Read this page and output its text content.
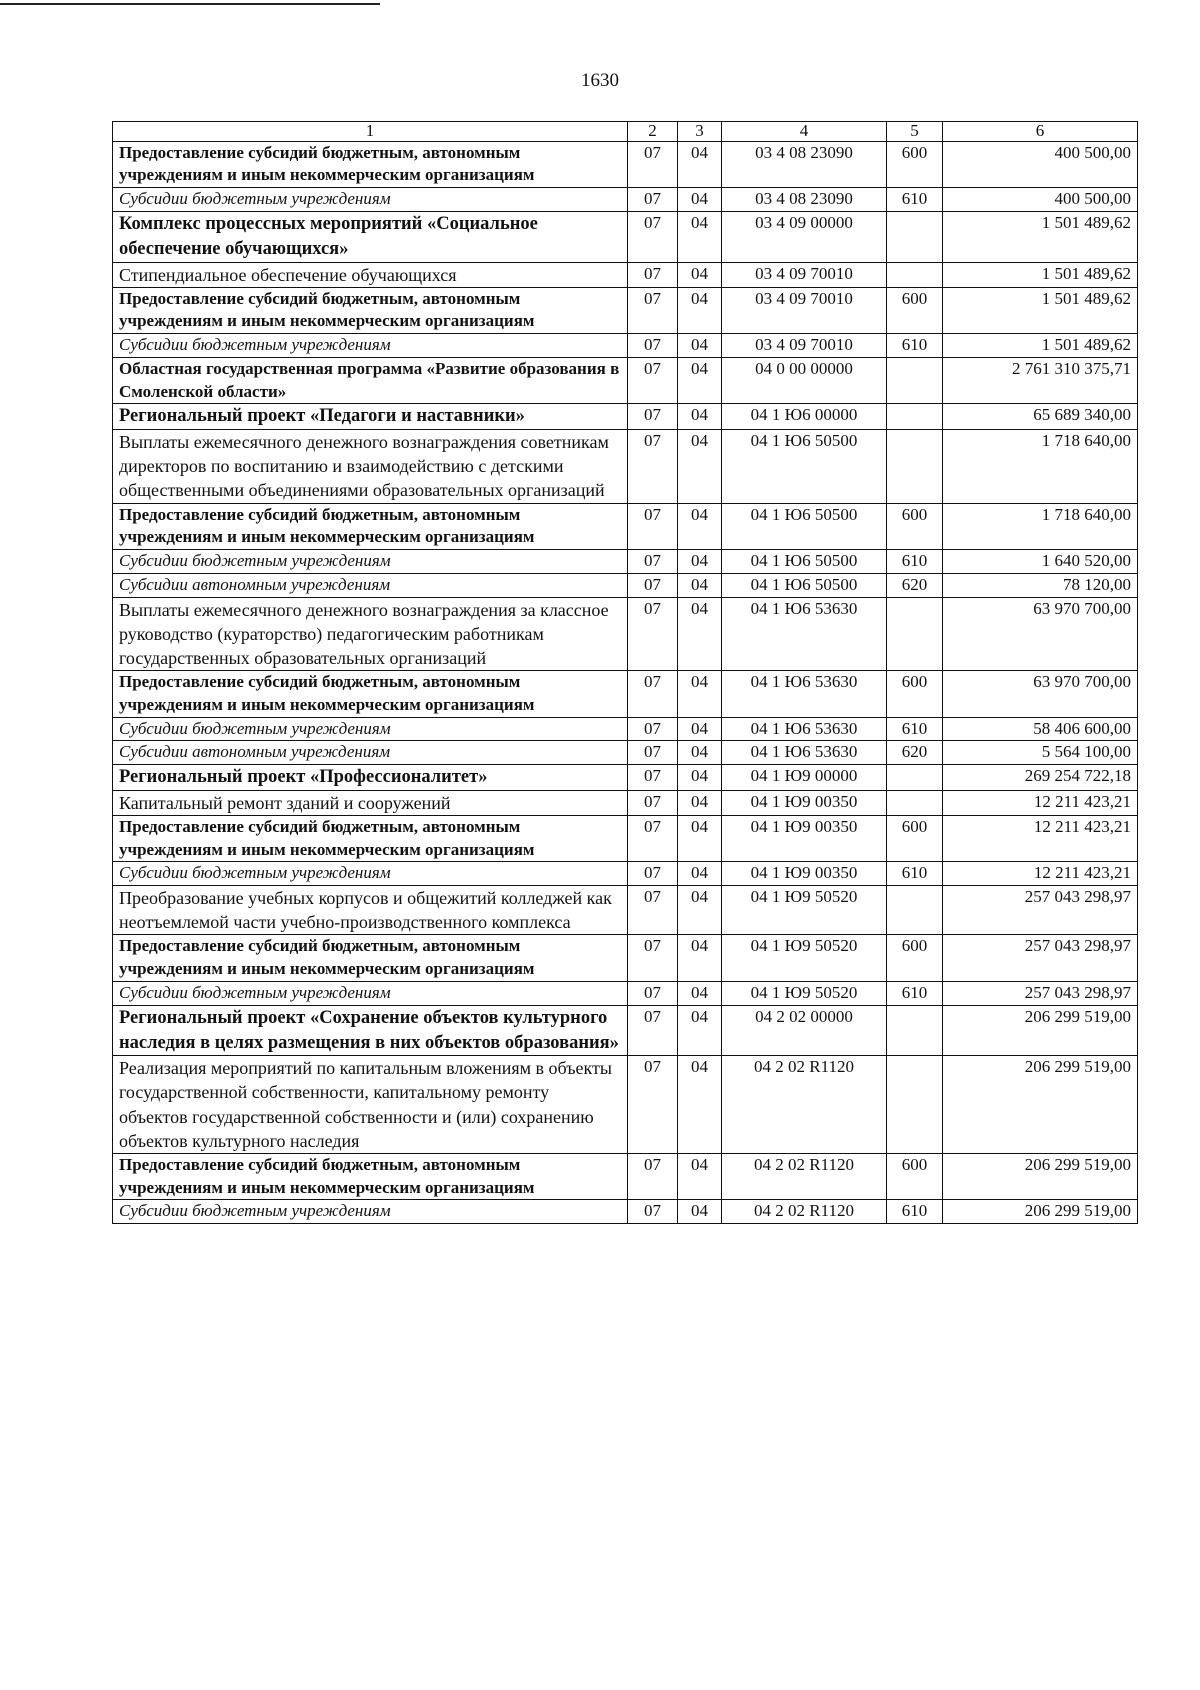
1630
1	2	3	4	5	6
Предоставление субсидий бюджетным, автономным учреждениям и иным некоммерческим организациям	07	04	03 4 08 23090	600	400 500,00
Субсидии бюджетным учреждениям	07	04	03 4 08 23090	610	400 500,00
Комплекс процессных мероприятий «Социальное обеспечение обучающихся»	07	04	03 4 09 00000		1 501 489,62
Стипендиальное обеспечение обучающихся	07	04	03 4 09 70010		1 501 489,62
Предоставление субсидий бюджетным, автономным учреждениям и иным некоммерческим организациям	07	04	03 4 09 70010	600	1 501 489,62
Субсидии бюджетным учреждениям	07	04	03 4 09 70010	610	1 501 489,62
Областная государственная программа «Развитие образования в Смоленской области»	07	04	04 0 00 00000		2 761 310 375,71
Региональный проект «Педагоги и наставники»	07	04	04 1 Ю6 00000		65 689 340,00
Выплаты ежемесячного денежного вознаграждения советникам директоров по воспитанию и взаимодействию с детскими общественными объединениями образовательных организаций	07	04	04 1 Ю6 50500		1 718 640,00
Предоставление субсидий бюджетным, автономным учреждениям и иным некоммерческим организациям	07	04	04 1 Ю6 50500	600	1 718 640,00
Субсидии бюджетным учреждениям	07	04	04 1 Ю6 50500	610	1 640 520,00
Субсидии автономным учреждениям	07	04	04 1 Ю6 50500	620	78 120,00
Выплаты ежемесячного денежного вознаграждения за классное руководство (кураторство) педагогическим работникам государственных образовательных организаций	07	04	04 1 Ю6 53630		63 970 700,00
Предоставление субсидий бюджетным, автономным учреждениям и иным некоммерческим организациям	07	04	04 1 Ю6 53630	600	63 970 700,00
Субсидии бюджетным учреждениям	07	04	04 1 Ю6 53630	610	58 406 600,00
Субсидии автономным учреждениям	07	04	04 1 Ю6 53630	620	5 564 100,00
Региональный проект «Профессионалитет»	07	04	04 1 Ю9 00000		269 254 722,18
Капитальный ремонт зданий и сооружений	07	04	04 1 Ю9 00350		12 211 423,21
Предоставление субсидий бюджетным, автономным учреждениям и иным некоммерческим организациям	07	04	04 1 Ю9 00350	600	12 211 423,21
Субсидии бюджетным учреждениям	07	04	04 1 Ю9 00350	610	12 211 423,21
Преобразование учебных корпусов и общежитий колледжей как неотъемлемой части учебно-производственного комплекса	07	04	04 1 Ю9 50520		257 043 298,97
Предоставление субсидий бюджетным, автономным учреждениям и иным некоммерческим организациям	07	04	04 1 Ю9 50520	600	257 043 298,97
Субсидии бюджетным учреждениям	07	04	04 1 Ю9 50520	610	257 043 298,97
Региональный проект «Сохранение объектов культурного наследия в целях размещения в них объектов образования»	07	04	04 2 02 00000		206 299 519,00
Реализация мероприятий по капитальным вложениям в объекты государственной собственности, капитальному ремонту объектов государственной собственности и (или) сохранению объектов культурного наследия	07	04	04 2 02 R1120		206 299 519,00
Предоставление субсидий бюджетным, автономным учреждениям и иным некоммерческим организациям	07	04	04 2 02 R1120	600	206 299 519,00
Субсидии бюджетным учреждениям	07	04	04 2 02 R1120	610	206 299 519,00
